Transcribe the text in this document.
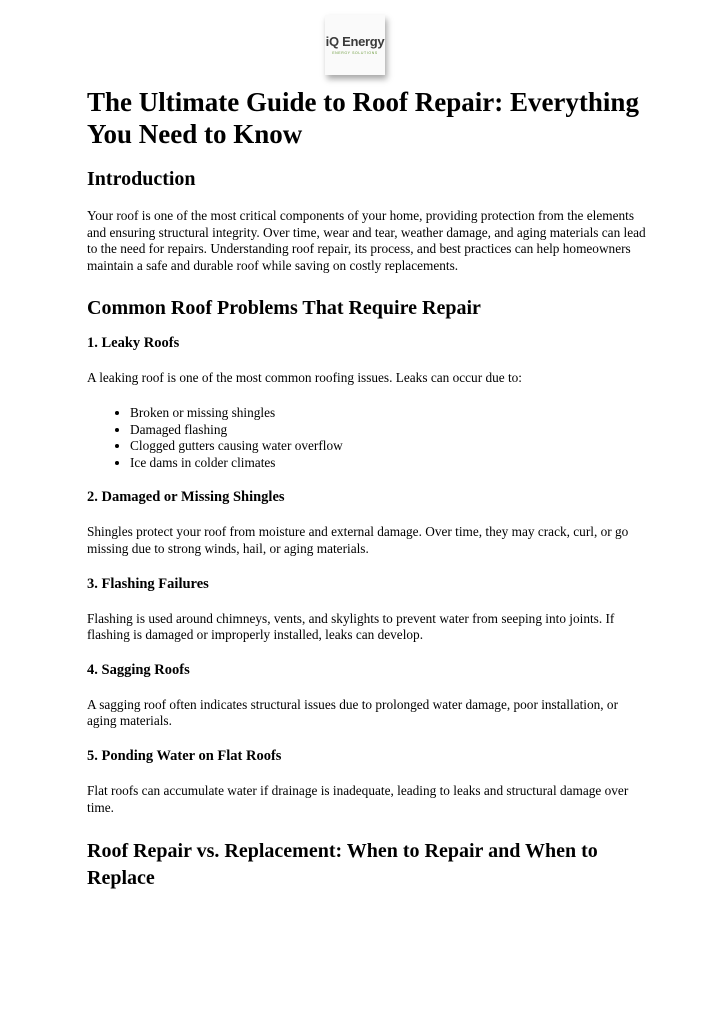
iQ Energy
ENERGY SOLUTIONS
The Ultimate Guide to Roof Repair: Everything You Need to Know
Introduction

Your roof is one of the most critical components of your home, providing protection from the elements and ensuring structural integrity. Over time, wear and tear, weather damage, and aging materials can lead to the need for repairs. Understanding roof repair, its process, and best practices can help homeowners maintain a safe and durable roof while saving on costly replacements.

Common Roof Problems That Require Repair
1. Leaky Roofs

A leaking roof is one of the most common roofing issues. Leaks can occur due to:

• Broken or missing shingles
• Damaged flashing
• Clogged gutters causing water overflow
• Ice dams in colder climates
2. Damaged or Missing Shingles

Shingles protect your roof from moisture and external damage. Over time, they may crack, curl, or go missing due to strong winds, hail, or aging materials.

3. Flashing Failures

Flashing is used around chimneys, vents, and skylights to prevent water from seeping into joints. If flashing is damaged or improperly installed, leaks can develop.

4. Sagging Roofs

A sagging roof often indicates structural issues due to prolonged water damage, poor installation, or aging materials.

5. Ponding Water on Flat Roofs

Flat roofs can accumulate water if drainage is inadequate, leading to leaks and structural damage over time.

Roof Repair vs. Replacement: When to Repair and When to Replace
